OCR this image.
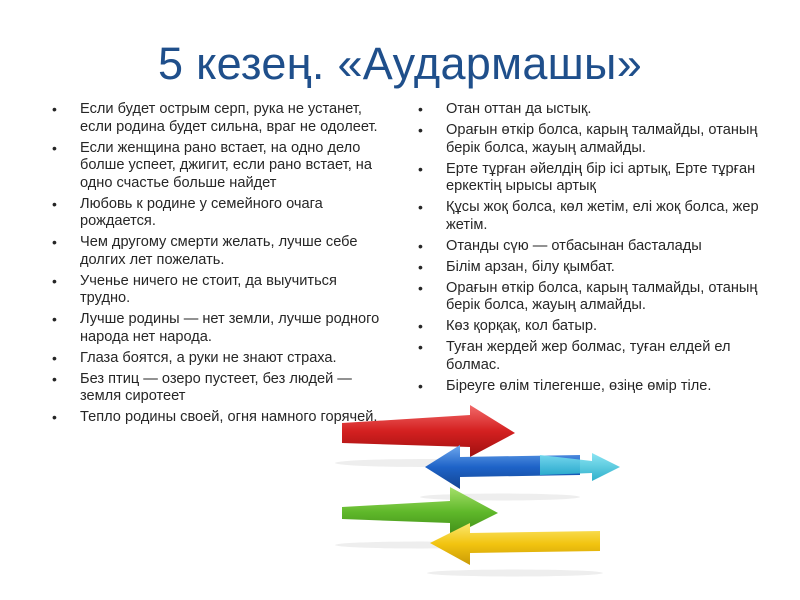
5 кезең. «Аудармашы»
• Если будет острым серп, рука не устанет, если родина будет сильна, враг не одолеет.
• Если женщина рано встает, на одно дело болше успеет, джигит, если рано встает, на одно счастье больше найдет
• Любовь к родине у семейного очага рождается.
• Чем другому смерти желать, лучше себе долгих лет пожелать.
• Ученье ничего не стоит, да выучиться трудно.
• Лучше родины — нет земли, лучше родного народа нет народа.
• Глаза боятся, а руки не знают страха.
• Без птиц — озеро пустеет, без людей — земля сиротеет
• Тепло родины своей, огня намного горячей.
• Отан оттан да ыстық.
• Орағын өткір болса, карың талмайды, отаның берік болса, жауың алмайды.
• Ерте тұрған әйелдің бір ісі артық, Ерте тұрған еркектің ырысы артық
• Құсы жоқ болса, көл жетім, елі жоқ болса, жер жетім.
• Отанды сүю — отбасынан басталады
• Білім арзан, білу қымбат.
• Орағын өткір болса, карың талмайды, отаның берік болса, жауың алмайды.
• Көз қорқақ, кол батыр.
• Туған жердей жер болмас, туған елдей ел болмас.
• Біреуге өлім тілегенше, өзіңе өмір тіле.
